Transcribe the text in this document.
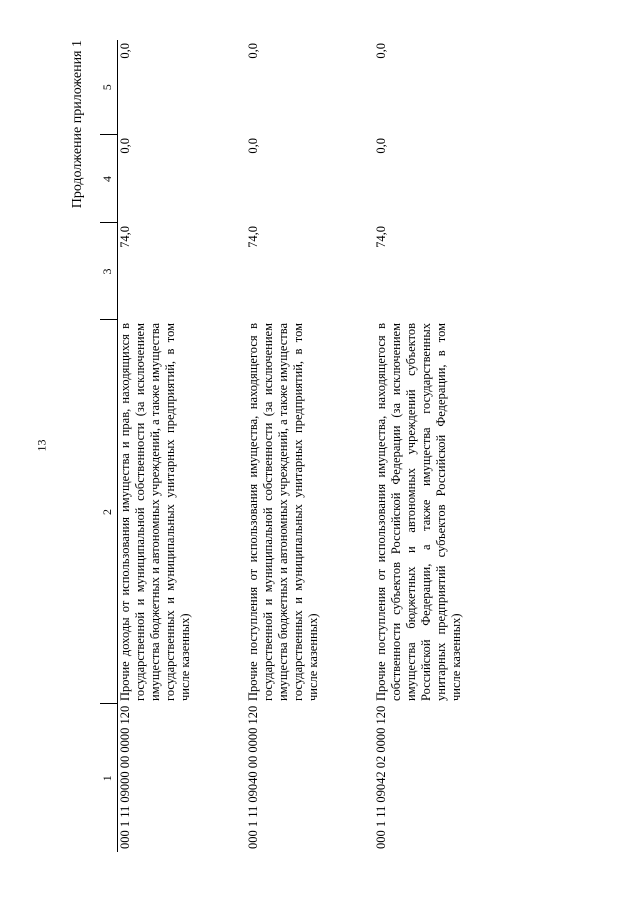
13
Продолжение приложения 1
1	2	3	4	5
000 1 11 09000 00 0000 120	Прочие доходы от использования имущества и прав, находящихся в государственной и муниципальной собственности (за исключением имущества бюджетных и автономных учреждений, а также имущества государственных и муниципальных унитарных предприятий, в том числе казенных)	74,0	0,0	0,0
000 1 11 09040 00 0000 120	Прочие поступления от использования имущества, находящегося в государственной и муниципальной собственности (за исключением имущества бюджетных и автономных учреждений, а также имущества государственных и муниципальных унитарных предприятий, в том числе казенных)	74,0	0,0	0,0
000 1 11 09042 02 0000 120	Прочие поступления от использования имущества, находящегося в собственности субъектов Российской Федерации (за исключением имущества бюджетных и автономных учреждений субъектов Российской Федерации, а также имущества государственных унитарных предприятий субъектов Российской Федерации, в том числе казенных)	74,0	0,0	0,0
